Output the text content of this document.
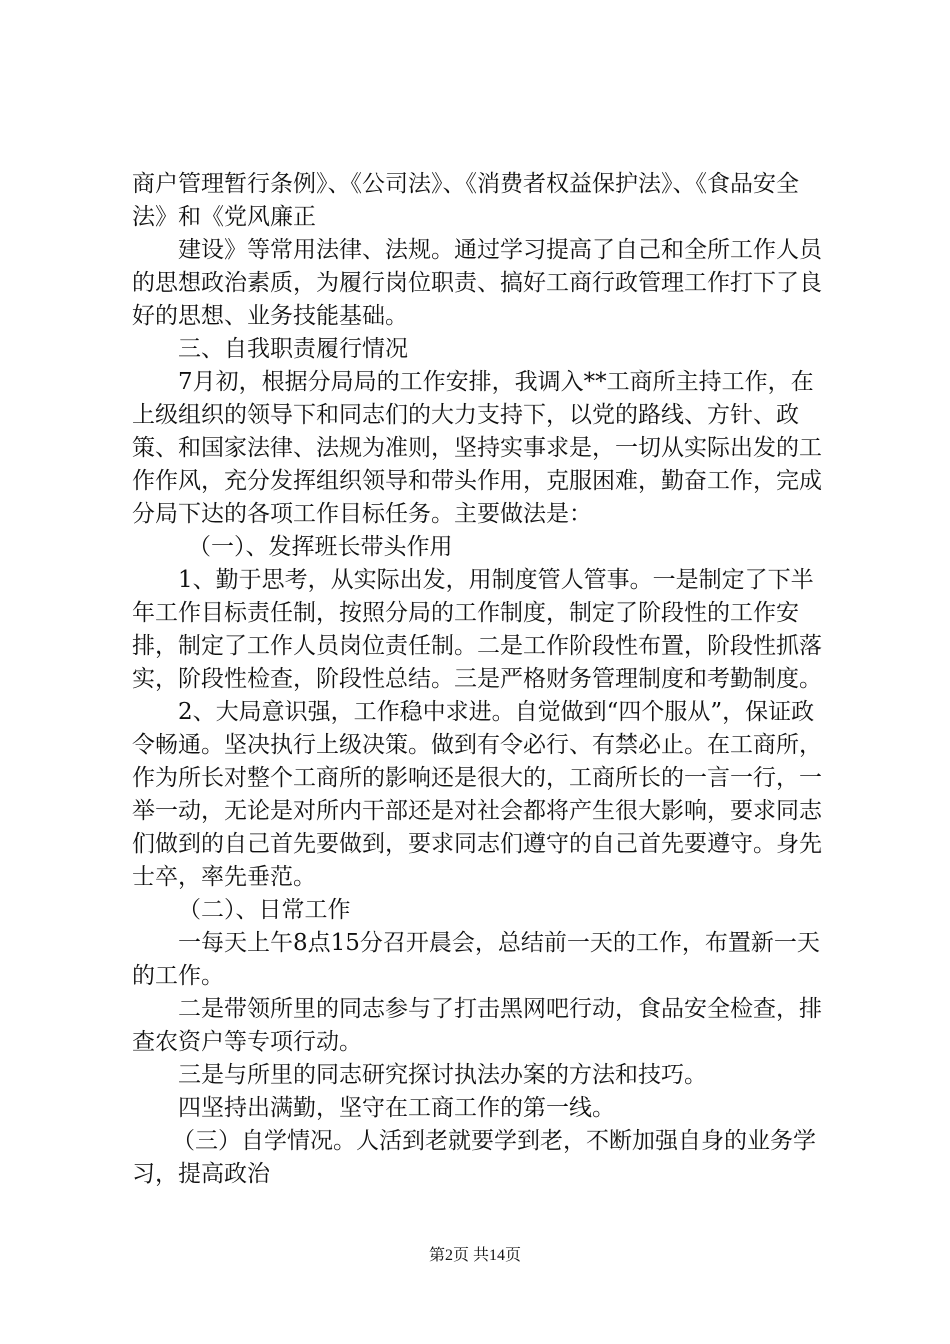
商户管理暂行条例》、《公司法》、《消费者权益保护法》、《食品安全法》和《党风廉正

建设》等常用法律、法规。通过学习提高了自己和全所工作人员的思想政治素质，为履行岗位职责、搞好工商行政管理工作打下了良好的思想、业务技能基础。

三、自我职责履行情况

7月初，根据分局局的工作安排，我调入**工商所主持工作，在上级组织的领导下和同志们的大力支持下，以党的路线、方针、政策、和国家法律、法规为准则，坚持实事求是，一切从实际出发的工作作风，充分发挥组织领导和带头作用，克服困难，勤奋工作，完成分局下达的各项工作目标任务。主要做法是：

（一）、发挥班长带头作用

1、勤于思考，从实际出发，用制度管人管事。一是制定了下半年工作目标责任制，按照分局的工作制度，制定了阶段性的工作安排，制定了工作人员岗位责任制。二是工作阶段性布置，阶段性抓落实，阶段性检查，阶段性总结。三是严格财务管理制度和考勤制度。

2、大局意识强，工作稳中求进。自觉做到“四个服从”，保证政令畅通。坚决执行上级决策。做到有令必行、有禁必止。在工商所，作为所长对整个工商所的影响还是很大的，工商所长的一言一行，一举一动，无论是对所内干部还是对社会都将产生很大影响，要求同志们做到的自己首先要做到，要求同志们遵守的自己首先要遵守。身先士卒，率先垂范。

（二）、日常工作

一每天上午8点15分召开晨会，总结前一天的工作，布置新一天的工作。

二是带领所里的同志参与了打击黑网吧行动，食品安全检查，排查农资户等专项行动。

三是与所里的同志研究探讨执法办案的方法和技巧。

四坚持出满勤，坚守在工商工作的第一线。

（三）自学情况。人活到老就要学到老，不断加强自身的业务学习，提高政治

第2页 共14页
